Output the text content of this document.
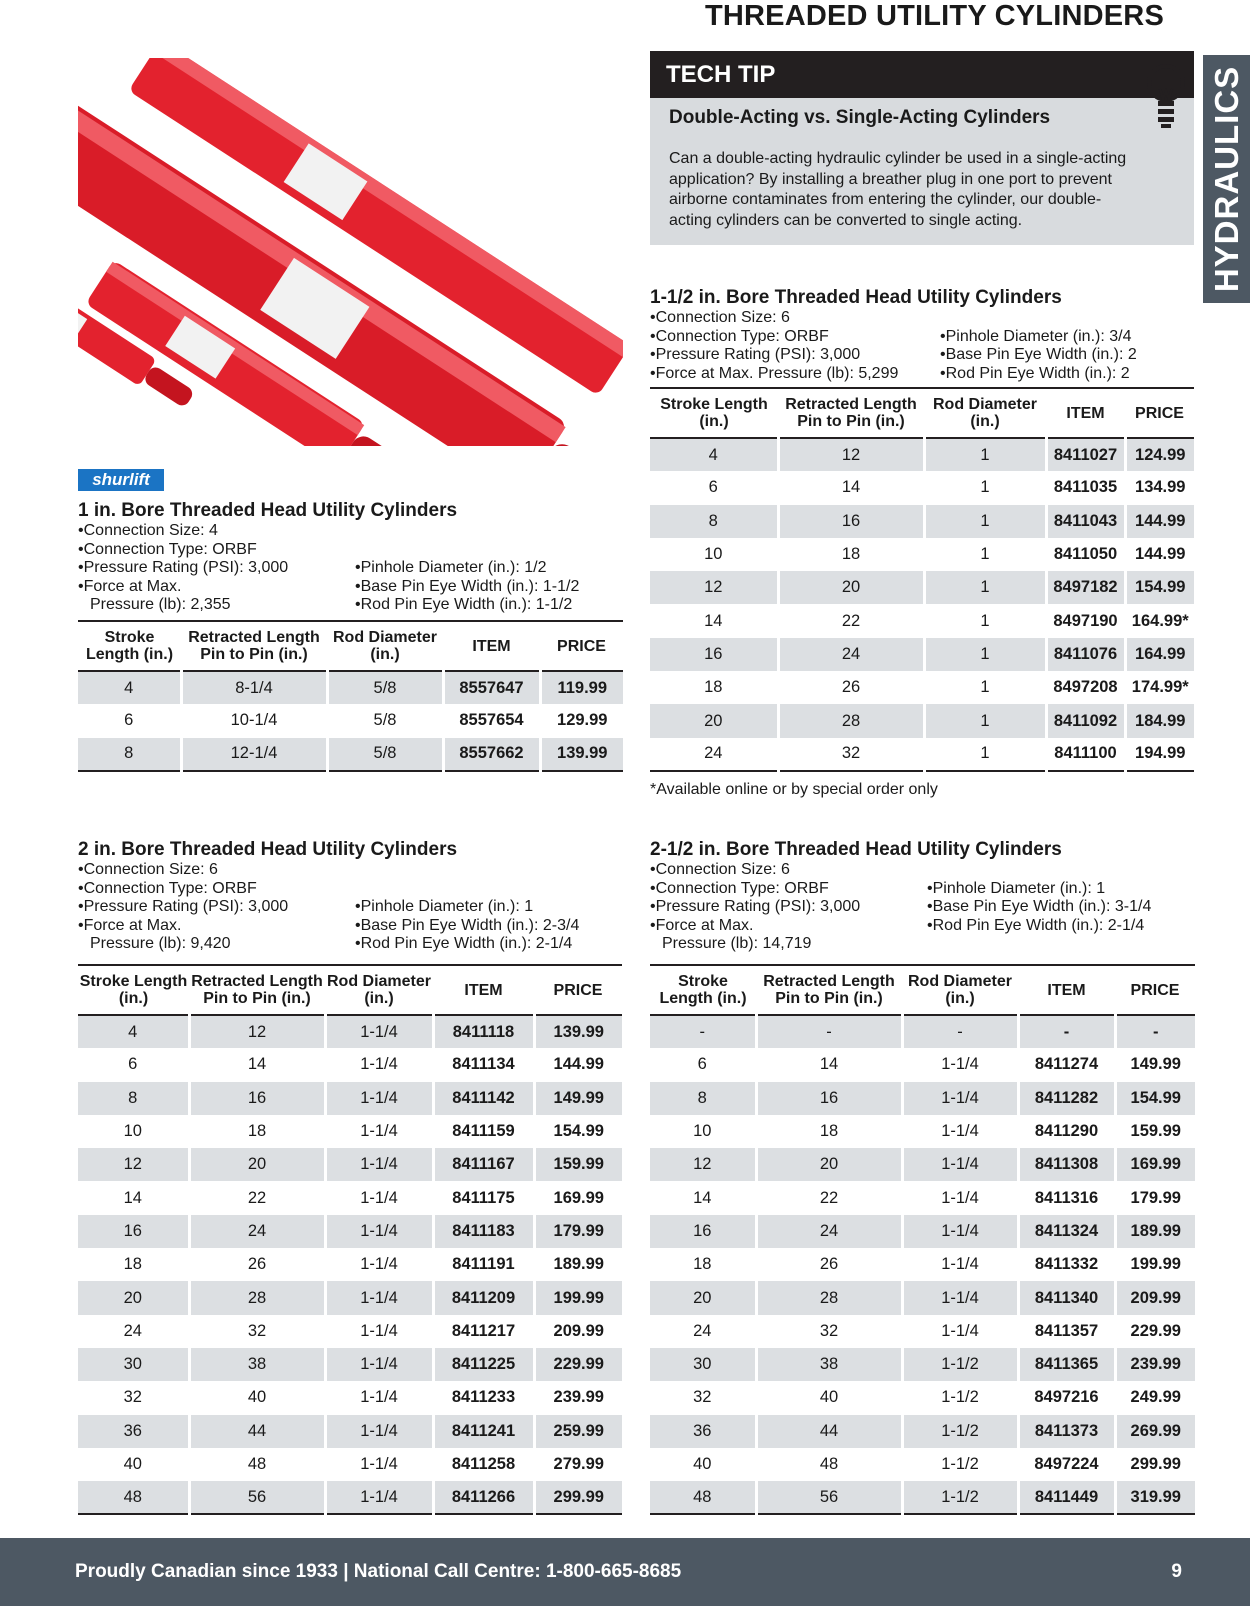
THREADED UTILITY CYLINDERS
HYDRAULICS
shurlift
TECH TIP
Double-Acting vs. Single-Acting Cylinders
Can a double-acting hydraulic cylinder be used in a single-acting application? By installing a breather plug in one port to prevent airborne contaminates from entering the cylinder, our double-acting cylinders can be converted to single acting.
1 in. Bore Threaded Head Utility Cylinders
•Connection Size: 4
•Connection Type: ORBF
•Pressure Rating (PSI): 3,000
•Force at Max.
Pressure (lb): 2,355
•Pinhole Diameter (in.): 1/2
•Base Pin Eye Width (in.): 1-1/2
•Rod Pin Eye Width (in.): 1-1/2
Stroke Length (in.)	Retracted Length Pin to Pin (in.)	Rod Diameter (in.)	ITEM	PRICE
4	8-1/4	5/8	8557647	119.99
6	10-1/4	5/8	8557654	129.99
8	12-1/4	5/8	8557662	139.99
1-1/2 in. Bore Threaded Head Utility Cylinders
•Connection Size: 6
•Connection Type: ORBF
•Pressure Rating (PSI): 3,000
•Force at Max. Pressure (lb): 5,299
•Pinhole Diameter (in.): 3/4
•Base Pin Eye Width (in.): 2
•Rod Pin Eye Width (in.): 2
Stroke Length (in.)	Retracted Length Pin to Pin (in.)	Rod Diameter (in.)	ITEM	PRICE
4	12	1	8411027	124.99
6	14	1	8411035	134.99
8	16	1	8411043	144.99
10	18	1	8411050	144.99
12	20	1	8497182	154.99
14	22	1	8497190	164.99*
16	24	1	8411076	164.99
18	26	1	8497208	174.99*
20	28	1	8411092	184.99
24	32	1	8411100	194.99
*Available online or by special order only
2 in. Bore Threaded Head Utility Cylinders
•Connection Size: 6
•Connection Type: ORBF
•Pressure Rating (PSI): 3,000
•Force at Max.
Pressure (lb): 9,420
•Pinhole Diameter (in.): 1
•Base Pin Eye Width (in.): 2-3/4
•Rod Pin Eye Width (in.): 2-1/4
Stroke Length (in.)	Retracted Length Pin to Pin (in.)	Rod Diameter (in.)	ITEM	PRICE
4	12	1-1/4	8411118	139.99
6	14	1-1/4	8411134	144.99
8	16	1-1/4	8411142	149.99
10	18	1-1/4	8411159	154.99
12	20	1-1/4	8411167	159.99
14	22	1-1/4	8411175	169.99
16	24	1-1/4	8411183	179.99
18	26	1-1/4	8411191	189.99
20	28	1-1/4	8411209	199.99
24	32	1-1/4	8411217	209.99
30	38	1-1/4	8411225	229.99
32	40	1-1/4	8411233	239.99
36	44	1-1/4	8411241	259.99
40	48	1-1/4	8411258	279.99
48	56	1-1/4	8411266	299.99
2-1/2 in. Bore Threaded Head Utility Cylinders
•Connection Size: 6
•Connection Type: ORBF
•Pressure Rating (PSI): 3,000
•Force at Max.
Pressure (lb): 14,719
•Pinhole Diameter (in.): 1
•Base Pin Eye Width (in.): 3-1/4
•Rod Pin Eye Width (in.): 2-1/4
Stroke Length (in.)	Retracted Length Pin to Pin (in.)	Rod Diameter (in.)	ITEM	PRICE
-	-	-	-	-
6	14	1-1/4	8411274	149.99
8	16	1-1/4	8411282	154.99
10	18	1-1/4	8411290	159.99
12	20	1-1/4	8411308	169.99
14	22	1-1/4	8411316	179.99
16	24	1-1/4	8411324	189.99
18	26	1-1/4	8411332	199.99
20	28	1-1/4	8411340	209.99
24	32	1-1/4	8411357	229.99
30	38	1-1/2	8411365	239.99
32	40	1-1/2	8497216	249.99
36	44	1-1/2	8411373	269.99
40	48	1-1/2	8497224	299.99
48	56	1-1/2	8411449	319.99
Proudly Canadian since 1933 | National Call Centre: 1-800-665-8685	9
